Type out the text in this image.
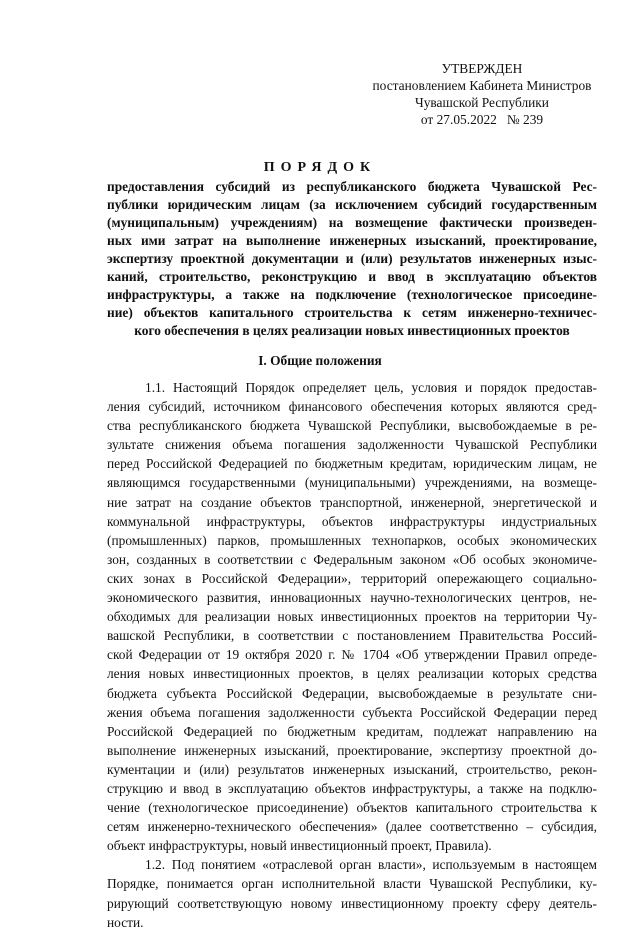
УТВЕРЖДЕН
постановлением Кабинета Министров
Чувашской Республики
от 27.05.2022   № 239
ПОРЯДОК
предоставления субсидий из республиканского бюджета Чувашской Рес-
публики юридическим лицам (за исключением субсидий государственным
(муниципальным) учреждениям) на возмещение фактически произведен-
ных ими затрат на выполнение инженерных изысканий, проектирование,
экспертизу проектной документации и (или) результатов инженерных изыс-
каний, строительство, реконструкцию и ввод в эксплуатацию объектов
инфраструктуры, а также на подключение (технологическое присоедине-
ние) объектов капитального строительства к сетям инженерно-техничес-
кого обеспечения в целях реализации новых инвестиционных проектов
I. Общие положения
1.1. Настоящий Порядок определяет цель, условия и порядок предостав-
ления субсидий, источником финансового обеспечения которых являются сред-
ства республиканского бюджета Чувашской Республики, высвобождаемые в ре-
зультате снижения объема погашения задолженности Чувашской Республики
перед Российской Федерацией по бюджетным кредитам, юридическим лицам, не
являющимся государственными (муниципальными) учреждениями, на возмеще-
ние затрат на создание объектов транспортной, инженерной, энергетической и
коммунальной инфраструктуры, объектов инфраструктуры индустриальных
(промышленных) парков, промышленных технопарков, особых экономических
зон, созданных в соответствии с Федеральным законом «Об особых экономиче-
ских зонах в Российской Федерации», территорий опережающего социально-
экономического развития, инновационных научно-технологических центров, не-
обходимых для реализации новых инвестиционных проектов на территории Чу-
вашской Республики, в соответствии с постановлением Правительства Россий-
ской Федерации от 19 октября 2020 г. № 1704 «Об утверждении Правил опреде-
ления новых инвестиционных проектов, в целях реализации которых средства
бюджета субъекта Российской Федерации, высвобождаемые в результате сни-
жения объема погашения задолженности субъекта Российской Федерации перед
Российской Федерацией по бюджетным кредитам, подлежат направлению на
выполнение инженерных изысканий, проектирование, экспертизу проектной до-
кументации и (или) результатов инженерных изысканий, строительство, рекон-
струкцию и ввод в эксплуатацию объектов инфраструктуры, а также на подклю-
чение (технологическое присоединение) объектов капитального строительства к
сетям инженерно-технического обеспечения» (далее соответственно – субсидия,
объект инфраструктуры, новый инвестиционный проект, Правила).
1.2. Под понятием «отраслевой орган власти», используемым в настоящем
Порядке, понимается орган исполнительной власти Чувашской Республики, ку-
рирующий соответствующую новому инвестиционному проекту сферу деятель-
ности.
